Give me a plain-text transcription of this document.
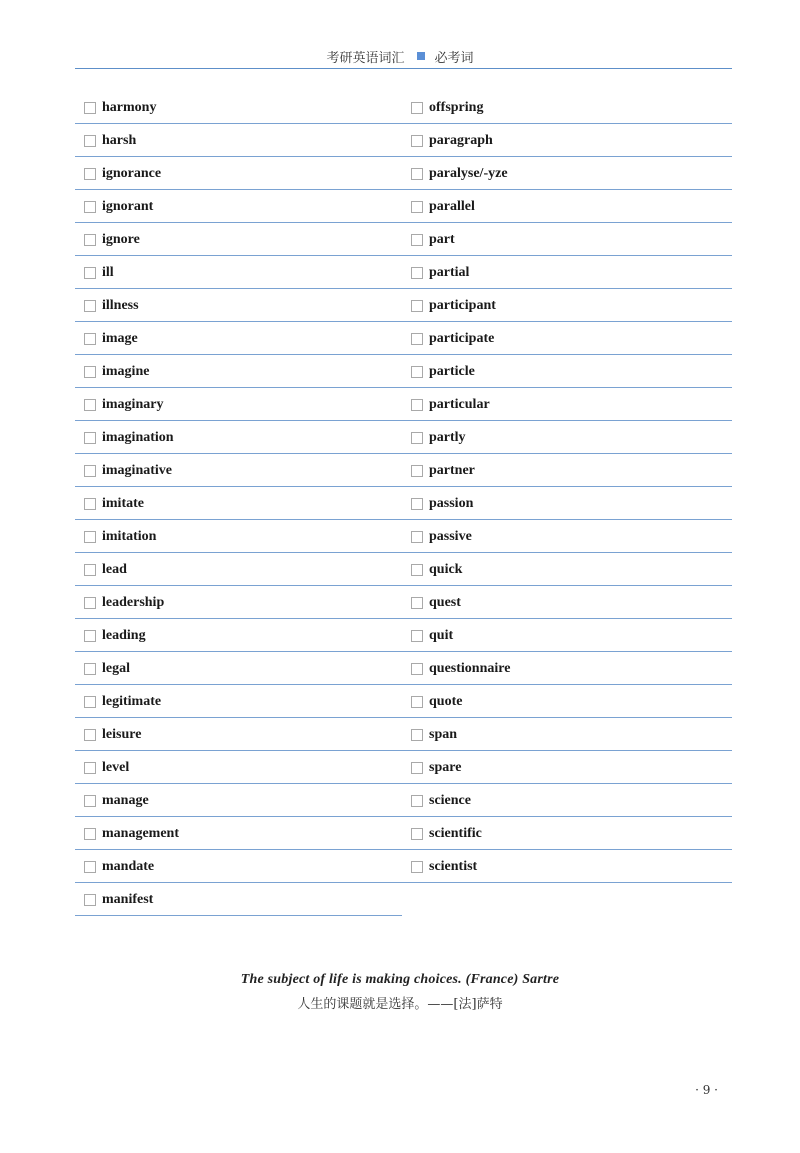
考研英语词汇 必考词
harmony
harsh
ignorance
ignorant
ignore
ill
illness
image
imagine
imaginary
imagination
imaginative
imitate
imitation
lead
leadership
leading
legal
legitimate
leisure
level
manage
management
mandate
manifest
offspring
paragraph
paralyse/-yze
parallel
part
partial
participant
participate
particle
particular
partly
partner
passion
passive
quick
quest
quit
questionnaire
quote
span
spare
science
scientific
scientist
The subject of life is making choices. (France) Sartre
人生的课题就是选择。——[法]萨特
· 9 ·
